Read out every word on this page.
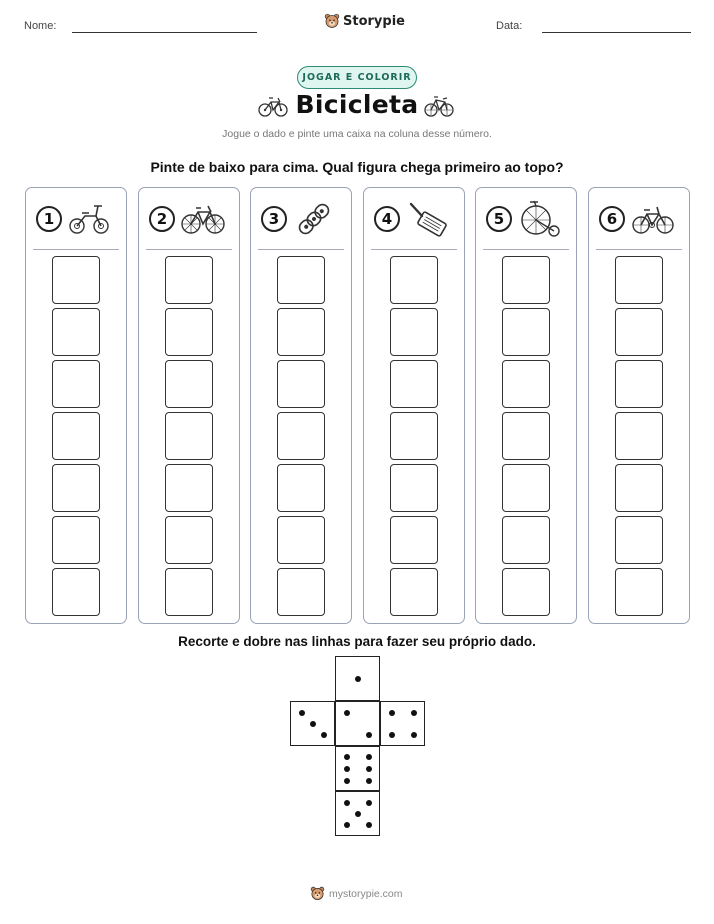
Nome:	Data:
Storypie
JOGAR E COLORIR
Bicicleta
Jogue o dado e pinte uma caixa na coluna desse número.
Pinte de baixo para cima. Qual figura chega primeiro ao topo?
1	2	3	4	5	6
Recorte e dobre nas linhas para fazer seu próprio dado.
mystorypie.com
